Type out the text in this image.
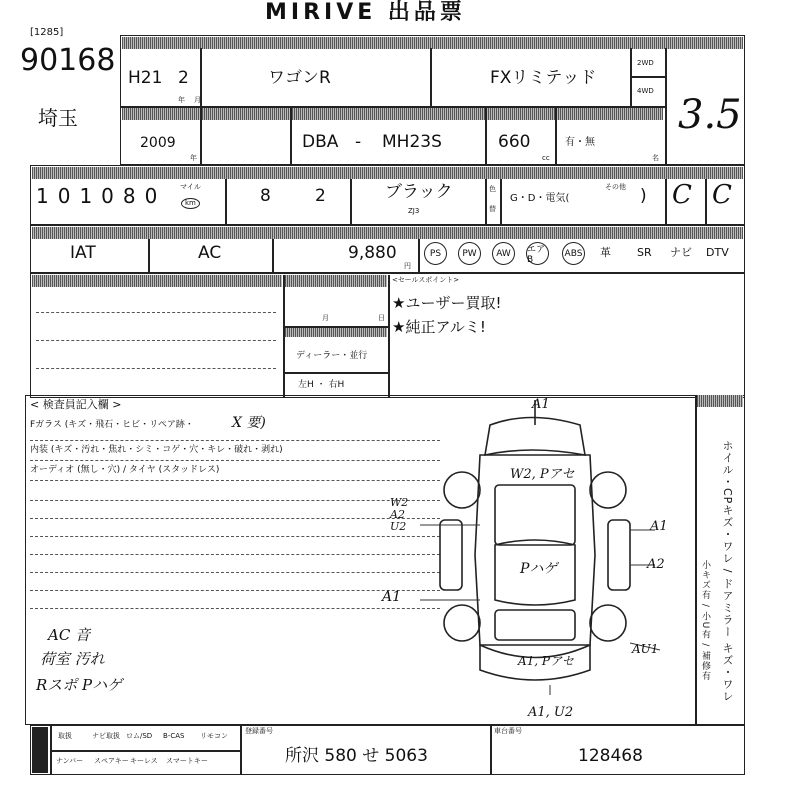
MIRIVE 出品票
[1285]
90168
埼玉
H21 2
年 月
ワゴンR	FXリミテッド
2WD
4WD
2009
年
DBA - MH23S	660
cc
有・無
名
3.5
101080 マイル
km	8	2	ブラック
ZJ3
色
替
G・D・電気(
その他 ) C C
IAT	AC	9,880
円
PS	PW	AW	エアB
ABS 革 SR ナビ DTV
月	日
ディーラー・並行
左H ・ 右H
<セールスポイント>
★ユーザー買取!
★純正アルミ!
< 検査員記入欄 >
Fガラス (キズ・飛石・ヒビ・リペア跡・	X 要)
内装 (キズ・汚れ・焦れ・シミ・コゲ・穴・キレ・破れ・剥れ)
オーディオ (無し・穴) / タイヤ (スタッドレス)
AC 音
荷室 汚れ
Rスポ Pハゲ
A1
W2, Pアセ
W2
A2
U2
A1
Pハゲ
A1
A2
AU1
A1, Pアセ
A1, U2
ホイル・CPキズ・ワレ / ドアミラー キズ・ワレ
小キズ有 / 小U有 / 補修有
取扱	ナビ取扱 ロム/SD B-CAS リモコン
ナンバー スペアキー キーレス スマートキー
登録番号
所沢 580 せ 5063
車台番号
128468
